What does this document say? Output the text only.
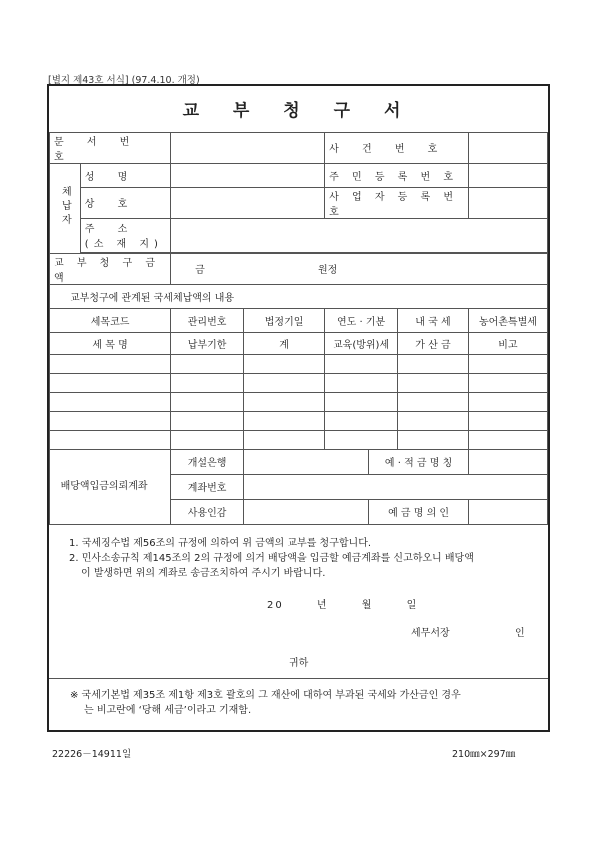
[별지 제43호 서식] (97.4.10. 개정)
교 부 청 구 서							
문 서 번 호				사 건 번 호			
체납자	성 명			주 민 등 록 번 호			
	상 호			사 업 자 등 록 번 호			

	주 소
(소 재 지)						

교 부 청 구 금 액		금 원정					
교부청구에 관계된 국세체납액의 내용							
세목코드		관리번호	법정기일	연도 · 기분		내 국 세	농어촌특별세
세 목 명		납부기한	계	교육(방위)세		가 산 금	비고

배당액입금의뢰계좌		개설은행			예 · 적 금 명 칭		
		계좌번호					
		사용인감			예 금 명 의 인		
1. 국세징수법 제56조의 규정에 의하여 위 금액의 교부를 청구합니다.
2. 민사소송규칙 제145조의 2의 규정에 의거 배당액을 입금할 예금계좌를 신고하오니 배당액
이 발생하면 위의 계좌로 송금조치하여 주시기 바랍니다.
20	년	월	일
세무서장	인
귀하
※ 국세기본법 제35조 제1항 제3호 괄호의 그 재산에 대하여 부과된 국세와 가산금인 경우
는 비고란에 ‘당해 세금’이라고 기재함.
22226－14911일	210㎜×297㎜
